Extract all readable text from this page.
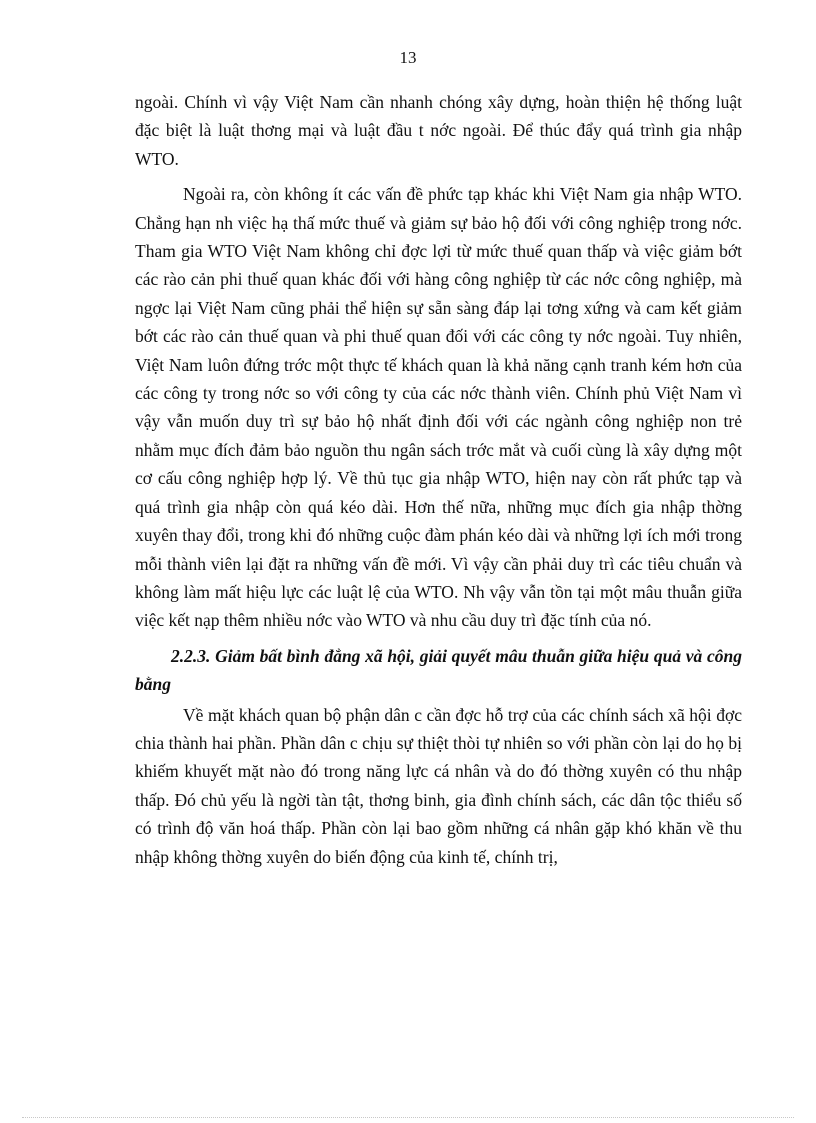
13

ngoài. Chính vì vậy Việt Nam cần nhanh chóng xây dựng, hoàn thiện hệ thống luật đặc biệt là luật thơng mại và luật đầu t nớc ngoài. Để thúc đẩy quá trình gia nhập WTO.

Ngoài ra, còn không ít các vấn đề phức tạp khác khi Việt Nam gia nhập WTO. Chẳng hạn nh việc hạ thấ mức thuế và giảm sự bảo hộ đối với công nghiệp trong nớc. Tham gia WTO Việt Nam không chỉ đợc lợi từ mức thuế quan thấp và việc giảm bớt các rào cản phi thuế quan khác đối với hàng công nghiệp từ các nớc công nghiệp, mà ngợc lại Việt Nam cũng phải thể hiện sự sẵn sàng đáp lại tơng xứng và cam kết giảm bớt các rào cản thuế quan và phi thuế quan đối với các công ty nớc ngoài. Tuy nhiên, Việt Nam luôn đứng trớc một thực tế khách quan là khả năng cạnh tranh kém hơn của các công ty trong nớc so với công ty của các nớc thành viên. Chính phủ Việt Nam vì vậy vẫn muốn duy trì sự bảo hộ nhất định đối với các ngành công nghiệp non trẻ nhằm mục đích đảm bảo nguồn thu ngân sách trớc mắt và cuối cùng là xây dựng một cơ cấu công nghiệp hợp lý. Về thủ tục gia nhập WTO, hiện nay còn rất phức tạp và quá trình gia nhập còn quá kéo dài. Hơn thế nữa, những mục đích gia nhập thờng xuyên thay đổi, trong khi đó những cuộc đàm phán kéo dài và những lợi ích mới trong mỗi thành viên lại đặt ra những vấn đề mới. Vì vậy cần phải duy trì các tiêu chuẩn và không làm mất hiệu lực các luật lệ của WTO. Nh vậy vẫn tồn tại một mâu thuẫn giữa việc kết nạp thêm nhiều nớc vào WTO và nhu cầu duy trì đặc tính của nó.

2.2.3. Giảm bất bình đẳng xã hội, giải quyết mâu thuẫn giữa hiệu quả và công bằng

Về mặt khách quan bộ phận dân c cần đợc hỗ trợ của các chính sách xã hội đợc chia thành hai phần. Phần dân c chịu sự thiệt thòi tự nhiên so với phần còn lại do họ bị khiếm khuyết mặt nào đó trong năng lực cá nhân và do đó thờng xuyên có thu nhập thấp. Đó chủ yếu là ngời tàn tật, thơng binh, gia đình chính sách, các dân tộc thiểu số có trình độ văn hoá thấp. Phần còn lại bao gồm những cá nhân gặp khó khăn về thu nhập không thờng xuyên do biến động của kinh tế, chính trị,
